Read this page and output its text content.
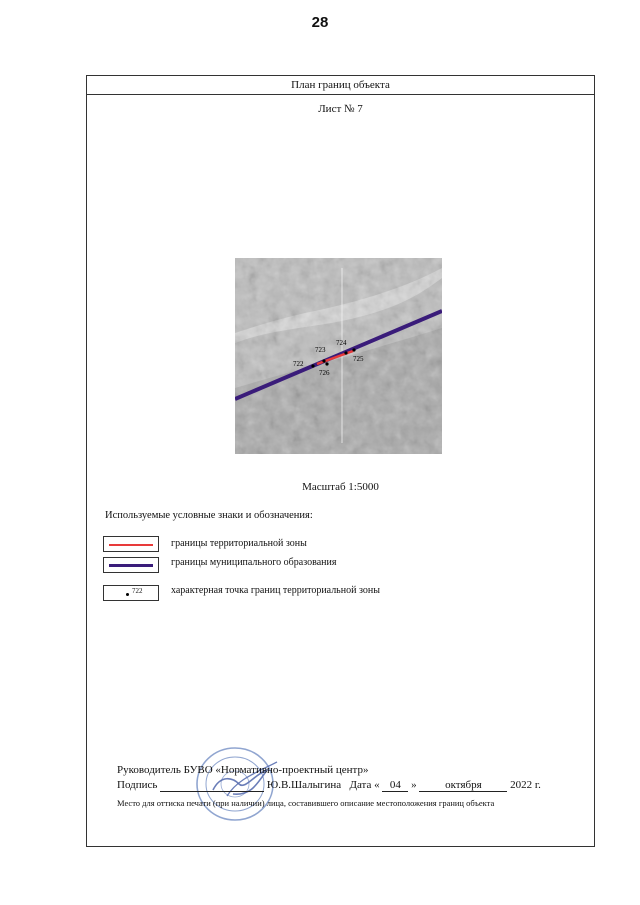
28
План границ объекта
Лист № 7
722
723
724
725
726
Масштаб 1:5000
Используемые условные знаки и обозначения:
границы территориальной зоны
границы муниципального образования
722	характерная точка границ территориальной зоны
Руководитель БУВО «Нормативно-проектный центр»
Подпись	Ю.В.Шалыгина Дата « 04 »	октября	2022 г.
Место для оттиска печати (при наличии) лица, составившего описание местоположения границ объекта
